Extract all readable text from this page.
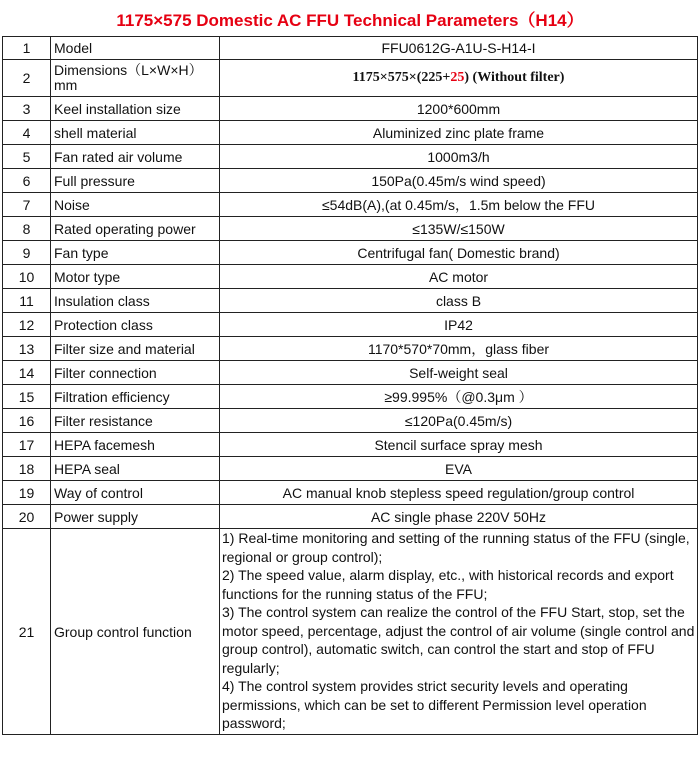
1175×575 Domestic AC FFU Technical Parameters（H14）
1	Model	FFU0612G-A1U-S-H14-I
2	Dimensions（L×W×H）mm	1175×575×(225+25) (Without filter)
3	Keel installation size	1200*600mm
4	shell material	Aluminized zinc plate frame
5	Fan rated air volume	1000m3/h
6	Full pressure	150Pa(0.45m/s wind speed)
7	Noise	≤54dB(A),(at 0.45m/s，1.5m below the FFU
8	Rated operating power	≤135W/≤150W
9	Fan type	Centrifugal fan( Domestic brand)
10	Motor type	AC motor
11	Insulation class	class B
12	Protection class	IP42
13	Filter size and material	1170*570*70mm，glass fiber
14	Filter connection	Self-weight seal
15	Filtration efficiency	≥99.995%（@0.3μm ）
16	Filter resistance	≤120Pa(0.45m/s)
17	HEPA facemesh	Stencil surface spray mesh
18	HEPA seal	EVA
19	Way of control	AC manual knob stepless speed regulation/group control
20	Power supply	AC single phase 220V 50Hz
21	Group control function	1) Real-time monitoring and setting of the running status of the FFU (single, regional or group control);
2) The speed value, alarm display, etc., with historical records and export functions for the running status of the FFU;
3) The control system can realize the control of the FFU Start, stop, set the motor speed, percentage, adjust the control of air volume (single control and group control), automatic switch, can control the start and stop of FFU regularly;
4) The control system provides strict security levels and operating permissions, which can be set to different Permission level operation password;
